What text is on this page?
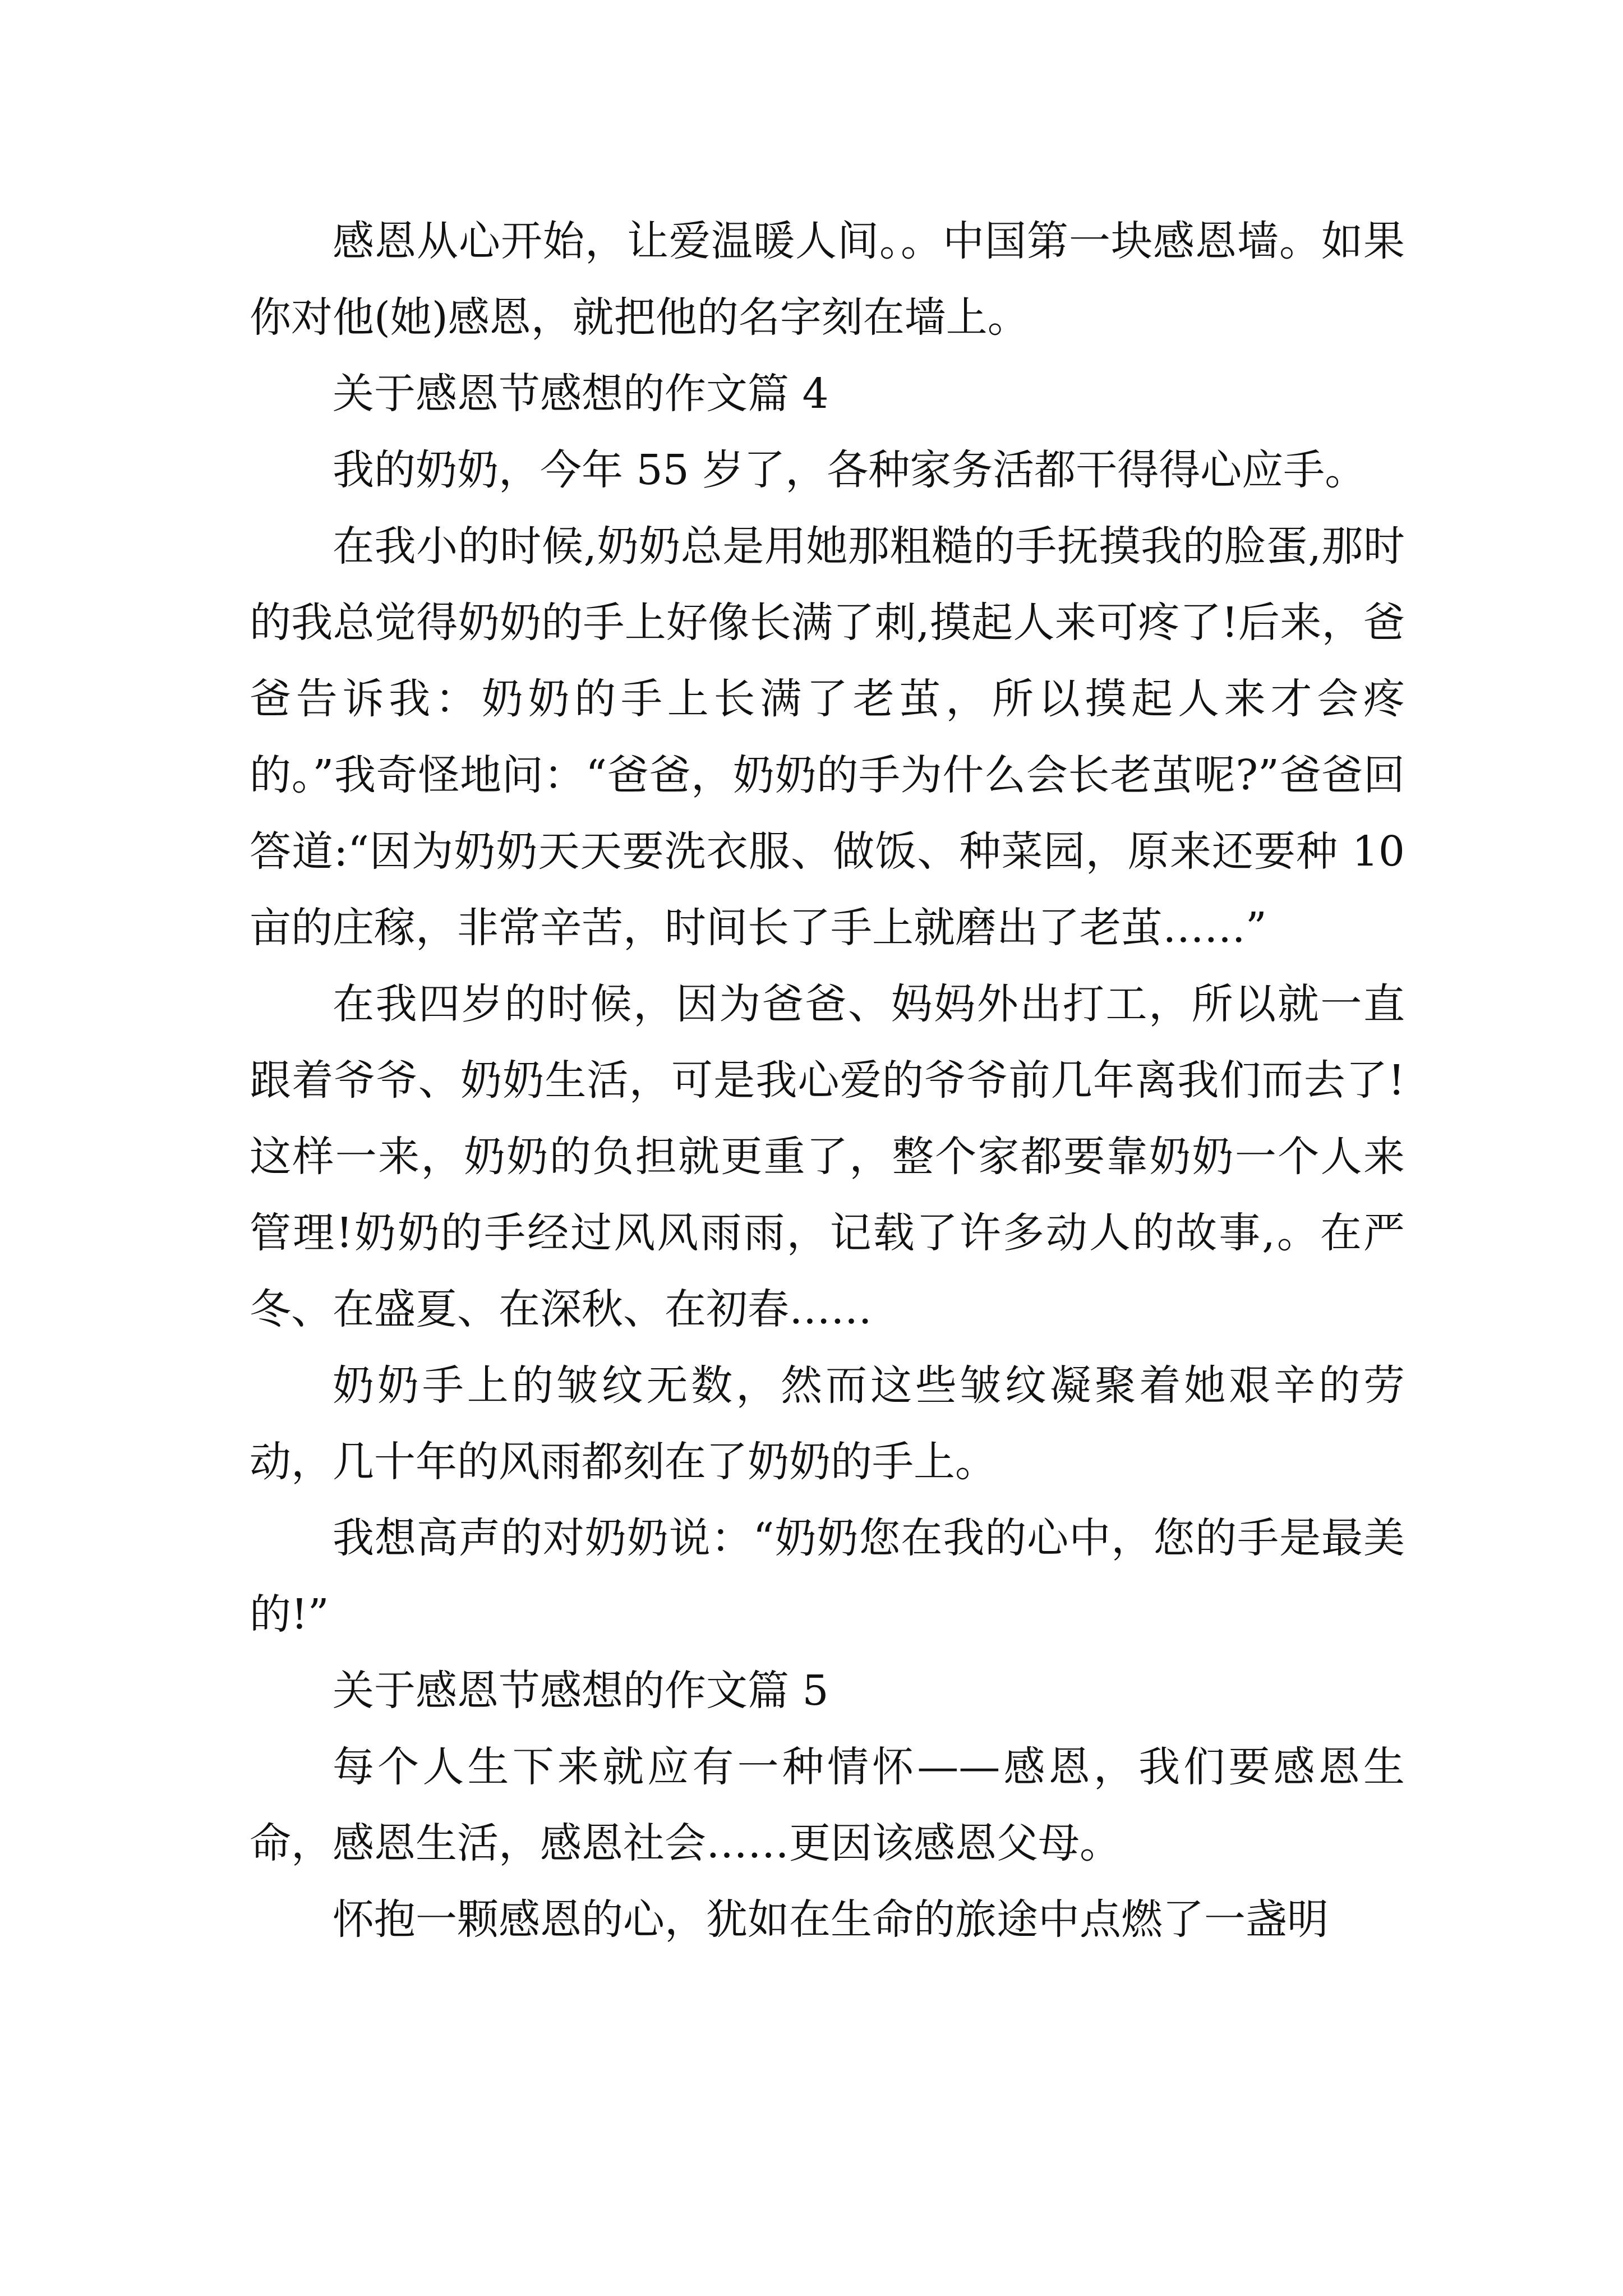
感恩从心开始，让爱温暖人间。。中国第一块感恩墙。如果你对他(她)感恩，就把他的名字刻在墙上。

关于感恩节感想的作文篇 4

我的奶奶，今年 55 岁了，各种家务活都干得得心应手。

在我小的时候,奶奶总是用她那粗糙的手抚摸我的脸蛋,那时的我总觉得奶奶的手上好像长满了刺,摸起人来可疼了!后来，爸爸告诉我：奶奶的手上长满了老茧，所以摸起人来才会疼的。”我奇怪地问：“爸爸，奶奶的手为什么会长老茧呢?”爸爸回答道:“因为奶奶天天要洗衣服、做饭、种菜园，原来还要种 10 亩的庄稼，非常辛苦，时间长了手上就磨出了老茧……”

在我四岁的时候，因为爸爸、妈妈外出打工，所以就一直跟着爷爷、奶奶生活，可是我心爱的爷爷前几年离我们而去了!这样一来，奶奶的负担就更重了，整个家都要靠奶奶一个人来管理!奶奶的手经过风风雨雨，记载了许多动人的故事,。在严冬、在盛夏、在深秋、在初春……

奶奶手上的皱纹无数，然而这些皱纹凝聚着她艰辛的劳动，几十年的风雨都刻在了奶奶的手上。

我想高声的对奶奶说：“奶奶您在我的心中，您的手是最美的!”

关于感恩节感想的作文篇 5

每个人生下来就应有一种情怀——感恩，我们要感恩生命，感恩生活，感恩社会……更因该感恩父母。

怀抱一颗感恩的心，犹如在生命的旅途中点燃了一盏明
